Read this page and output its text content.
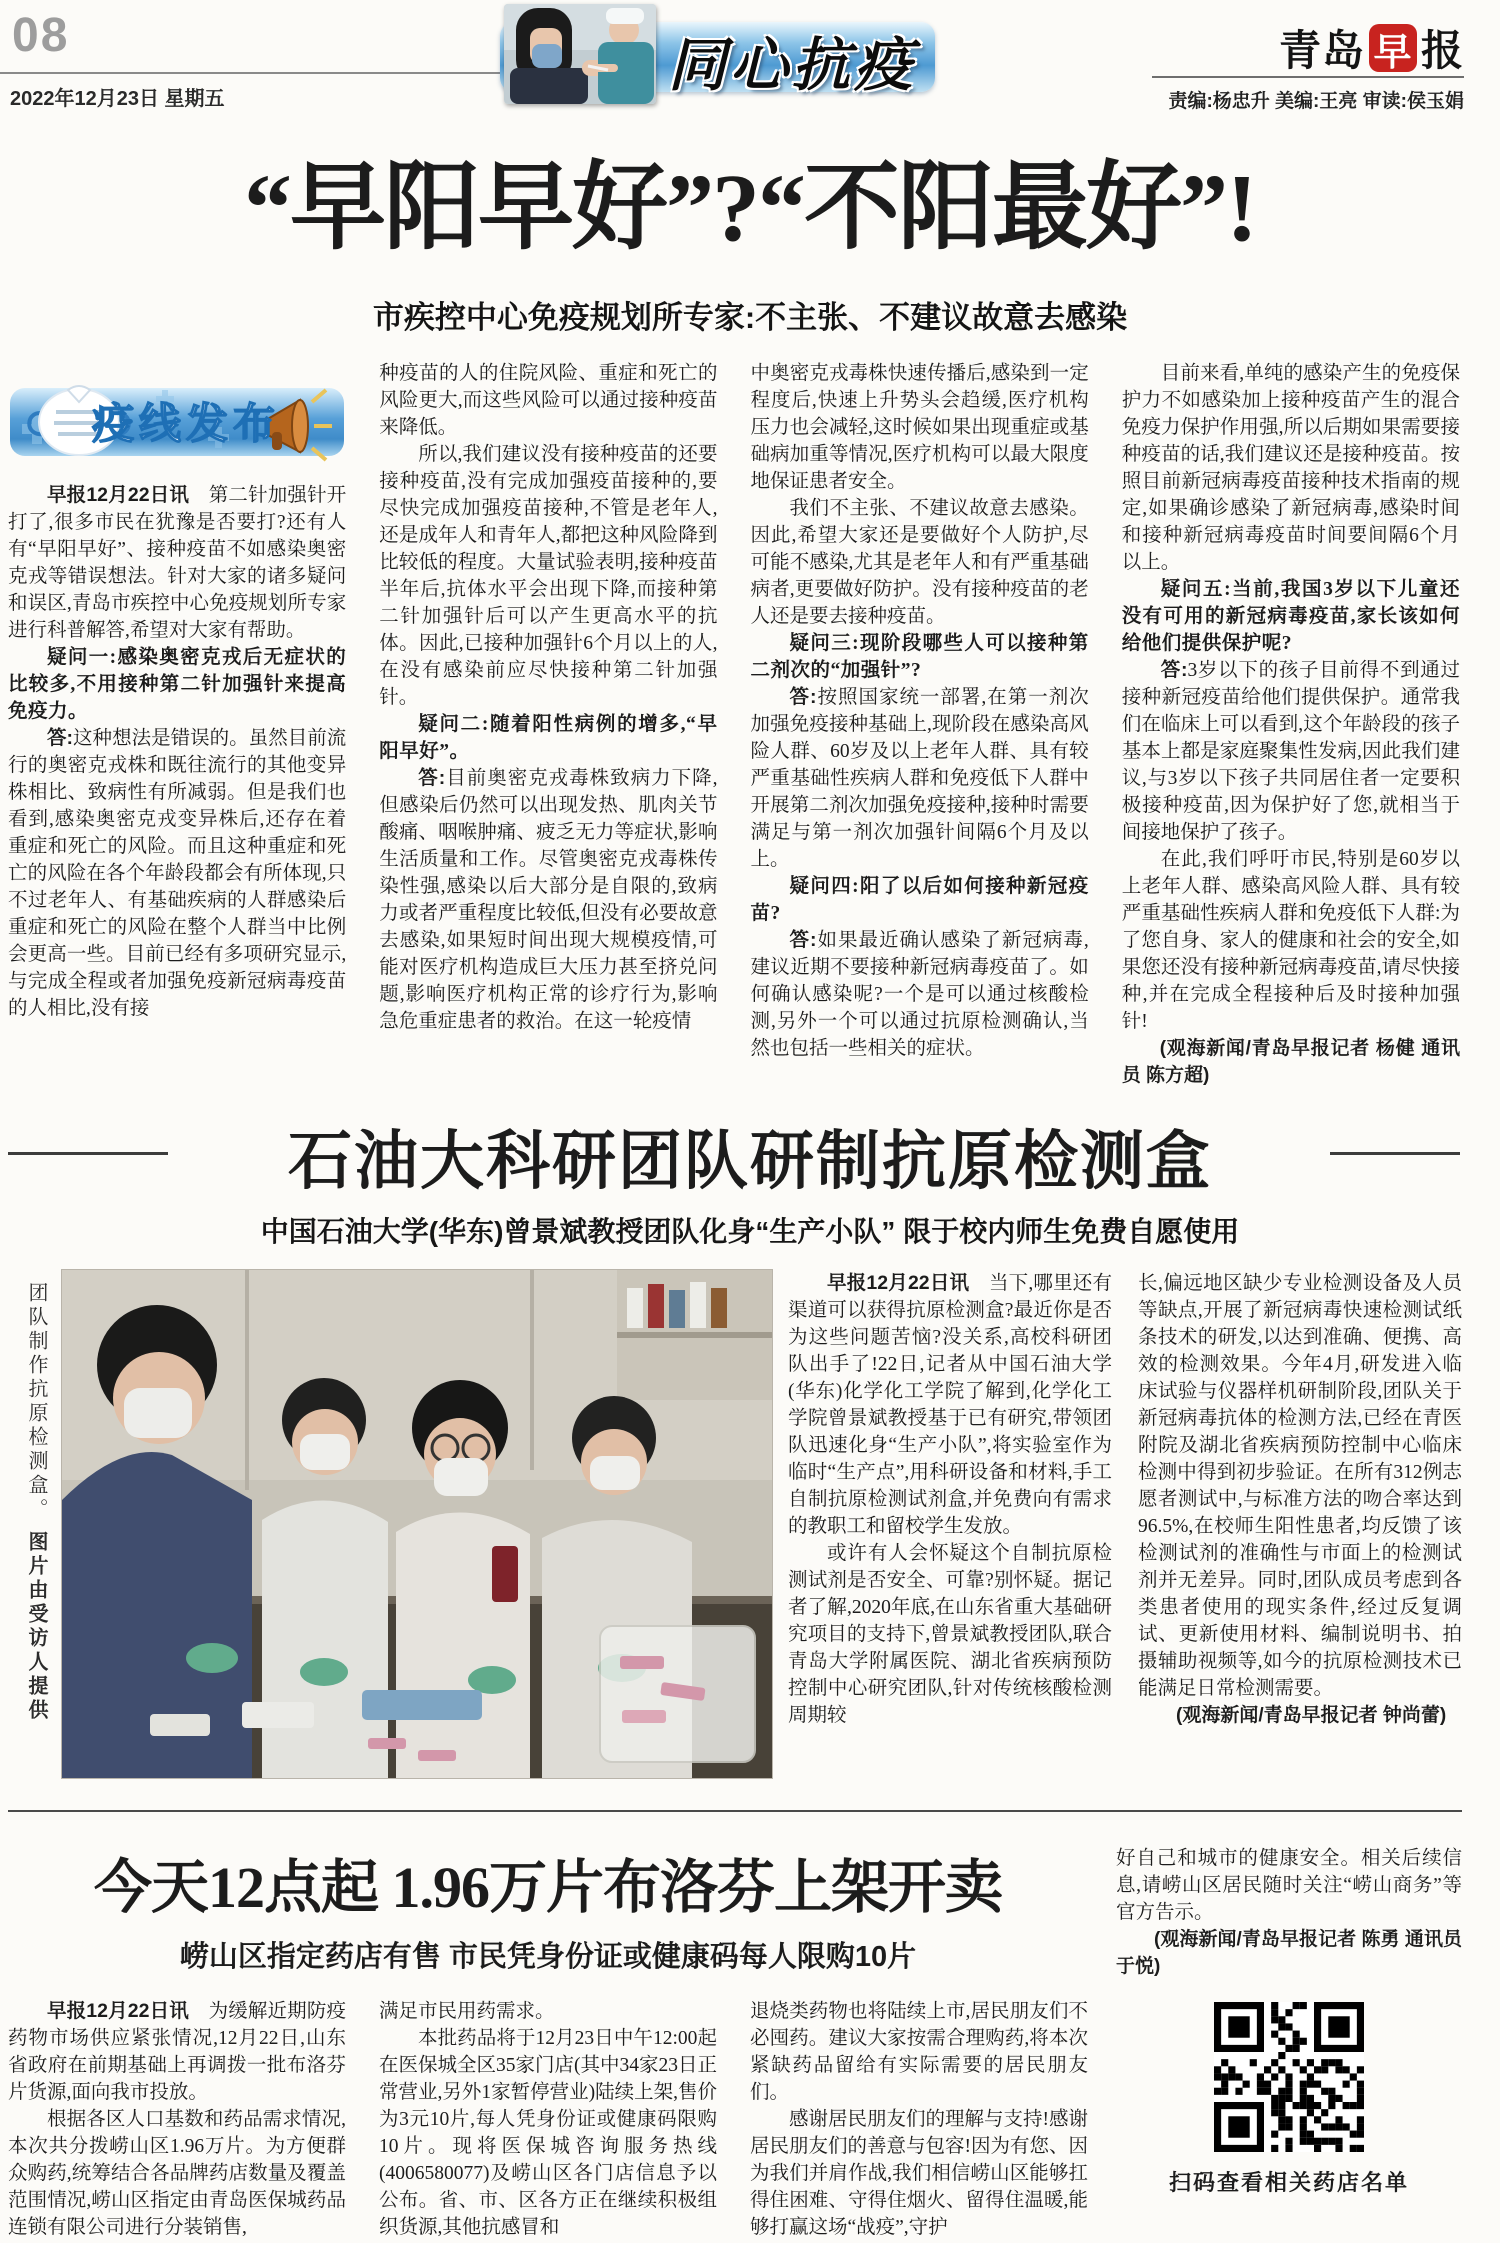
08
2022年12月23日 星期五
同心抗疫	青岛 早 报
责编:杨忠升 美编:王亮 审读:侯玉娟
“早阳早好”?“不阳最好”!
市疾控中心免疫规划所专家:不主张、不建议故意去感染
疫线发布

早报12月22日讯　第二针加强针开打了,很多市民在犹豫是否要打?还有人有“早阳早好”、接种疫苗不如感染奥密克戎等错误想法。针对大家的诸多疑问和误区,青岛市疾控中心免疫规划所专家进行科普解答,希望对大家有帮助。

疑问一:感染奥密克戎后无症状的比较多,不用接种第二针加强针来提高免疫力。

答:这种想法是错误的。虽然目前流行的奥密克戎株和既往流行的其他变异株相比、致病性有所减弱。但是我们也看到,感染奥密克戎变异株后,还存在着重症和死亡的风险。而且这种重症和死亡的风险在各个年龄段都会有所体现,只不过老年人、有基础疾病的人群感染后重症和死亡的风险在整个人群当中比例会更高一些。目前已经有多项研究显示,与完成全程或者加强免疫新冠病毒疫苗的人相比,没有接

种疫苗的人的住院风险、重症和死亡的风险更大,而这些风险可以通过接种疫苗来降低。

所以,我们建议没有接种疫苗的还要接种疫苗,没有完成加强疫苗接种的,要尽快完成加强疫苗接种,不管是老年人,还是成年人和青年人,都把这种风险降到比较低的程度。大量试验表明,接种疫苗半年后,抗体水平会出现下降,而接种第二针加强针后可以产生更高水平的抗体。因此,已接种加强针6个月以上的人,在没有感染前应尽快接种第二针加强针。

疑问二:随着阳性病例的增多,“早阳早好”。

答:目前奥密克戎毒株致病力下降,但感染后仍然可以出现发热、肌肉关节酸痛、咽喉肿痛、疲乏无力等症状,影响生活质量和工作。尽管奥密克戎毒株传染性强,感染以后大部分是自限的,致病力或者严重程度比较低,但没有必要故意去感染,如果短时间出现大规模疫情,可能对医疗机构造成巨大压力甚至挤兑问题,影响医疗机构正常的诊疗行为,影响急危重症患者的救治。在这一轮疫情

中奥密克戎毒株快速传播后,感染到一定程度后,快速上升势头会趋缓,医疗机构压力也会减轻,这时候如果出现重症或基础病加重等情况,医疗机构可以最大限度地保证患者安全。

我们不主张、不建议故意去感染。因此,希望大家还是要做好个人防护,尽可能不感染,尤其是老年人和有严重基础病者,更要做好防护。没有接种疫苗的老人还是要去接种疫苗。

疑问三:现阶段哪些人可以接种第二剂次的“加强针”?

答:按照国家统一部署,在第一剂次加强免疫接种基础上,现阶段在感染高风险人群、60岁及以上老年人群、具有较严重基础性疾病人群和免疫低下人群中开展第二剂次加强免疫接种,接种时需要满足与第一剂次加强针间隔6个月及以上。

疑问四:阳了以后如何接种新冠疫苗?

答:如果最近确认感染了新冠病毒,建议近期不要接种新冠病毒疫苗了。如何确认感染呢?一个是可以通过核酸检测,另外一个可以通过抗原检测确认,当然也包括一些相关的症状。

目前来看,单纯的感染产生的免疫保护力不如感染加上接种疫苗产生的混合免疫力保护作用强,所以后期如果需要接种疫苗的话,我们建议还是接种疫苗。按照目前新冠病毒疫苗接种技术指南的规定,如果确诊感染了新冠病毒,感染时间和接种新冠病毒疫苗时间要间隔6个月以上。

疑问五:当前,我国3岁以下儿童还没有可用的新冠病毒疫苗,家长该如何给他们提供保护呢?

答:3岁以下的孩子目前得不到通过接种新冠疫苗给他们提供保护。通常我们在临床上可以看到,这个年龄段的孩子基本上都是家庭聚集性发病,因此我们建议,与3岁以下孩子共同居住者一定要积极接种疫苗,因为保护好了您,就相当于间接地保护了孩子。

在此,我们呼吁市民,特别是60岁以上老年人群、感染高风险人群、具有较严重基础性疾病人群和免疫低下人群:为了您自身、家人的健康和社会的安全,如果您还没有接种新冠病毒疫苗,请尽快接种,并在完成全程接种后及时接种加强针!

(观海新闻/青岛早报记者 杨健 通讯员 陈方超)

石油大科研团队研制抗原检测盒
中国石油大学(华东)曾景斌教授团队化身“生产小队” 限于校内师生免费自愿使用
团队制作抗原检测盒。 图片由受访人提供

早报12月22日讯　当下,哪里还有渠道可以获得抗原检测盒?最近你是否为这些问题苦恼?没关系,高校科研团队出手了!22日,记者从中国石油大学(华东)化学化工学院了解到,化学化工学院曾景斌教授基于已有研究,带领团队迅速化身“生产小队”,将实验室作为临时“生产点”,用科研设备和材料,手工自制抗原检测试剂盒,并免费向有需求的教职工和留校学生发放。

或许有人会怀疑这个自制抗原检测试剂是否安全、可靠?别怀疑。据记者了解,2020年底,在山东省重大基础研究项目的支持下,曾景斌教授团队,联合青岛大学附属医院、湖北省疾病预防控制中心研究团队,针对传统核酸检测周期较

长,偏远地区缺少专业检测设备及人员等缺点,开展了新冠病毒快速检测试纸条技术的研发,以达到准确、便携、高效的检测效果。今年4月,研发进入临床试验与仪器样机研制阶段,团队关于新冠病毒抗体的检测方法,已经在青医附院及湖北省疾病预防控制中心临床检测中得到初步验证。在所有312例志愿者测试中,与标准方法的吻合率达到96.5%,在校师生阳性患者,均反馈了该检测试剂的准确性与市面上的检测试剂并无差异。同时,团队成员考虑到各类患者使用的现实条件,经过反复调试、更新使用材料、编制说明书、拍摄辅助视频等,如今的抗原检测技术已能满足日常检测需要。

(观海新闻/青岛早报记者 钟尚蕾)

今天12点起 1.96万片布洛芬上架开卖
崂山区指定药店有售 市民凭身份证或健康码每人限购10片

早报12月22日讯　为缓解近期防疫药物市场供应紧张情况,12月22日,山东省政府在前期基础上再调拨一批布洛芬片货源,面向我市投放。

根据各区人口基数和药品需求情况,本次共分拨崂山区1.96万片。为方便群众购药,统筹结合各品牌药店数量及覆盖范围情况,崂山区指定由青岛医保城药品连锁有限公司进行分装销售,

满足市民用药需求。

本批药品将于12月23日中午12:00起在医保城全区35家门店(其中34家23日正常营业,另外1家暂停营业)陆续上架,售价为3元10片,每人凭身份证或健康码限购10片。现将医保城咨询服务热线(4006580077)及崂山区各门店信息予以公布。省、市、区各方正在继续积极组织货源,其他抗感冒和

退烧类药物也将陆续上市,居民朋友们不必囤药。建议大家按需合理购药,将本次紧缺药品留给有实际需要的居民朋友们。

感谢居民朋友们的理解与支持!感谢居民朋友们的善意与包容!因为有您、因为我们并肩作战,我们相信崂山区能够扛得住困难、守得住烟火、留得住温暖,能够打赢这场“战疫”,守护

好自己和城市的健康安全。相关后续信息,请崂山区居民随时关注“崂山商务”等官方告示。

(观海新闻/青岛早报记者 陈勇 通讯员 于悦)

扫码查看相关药店名单
